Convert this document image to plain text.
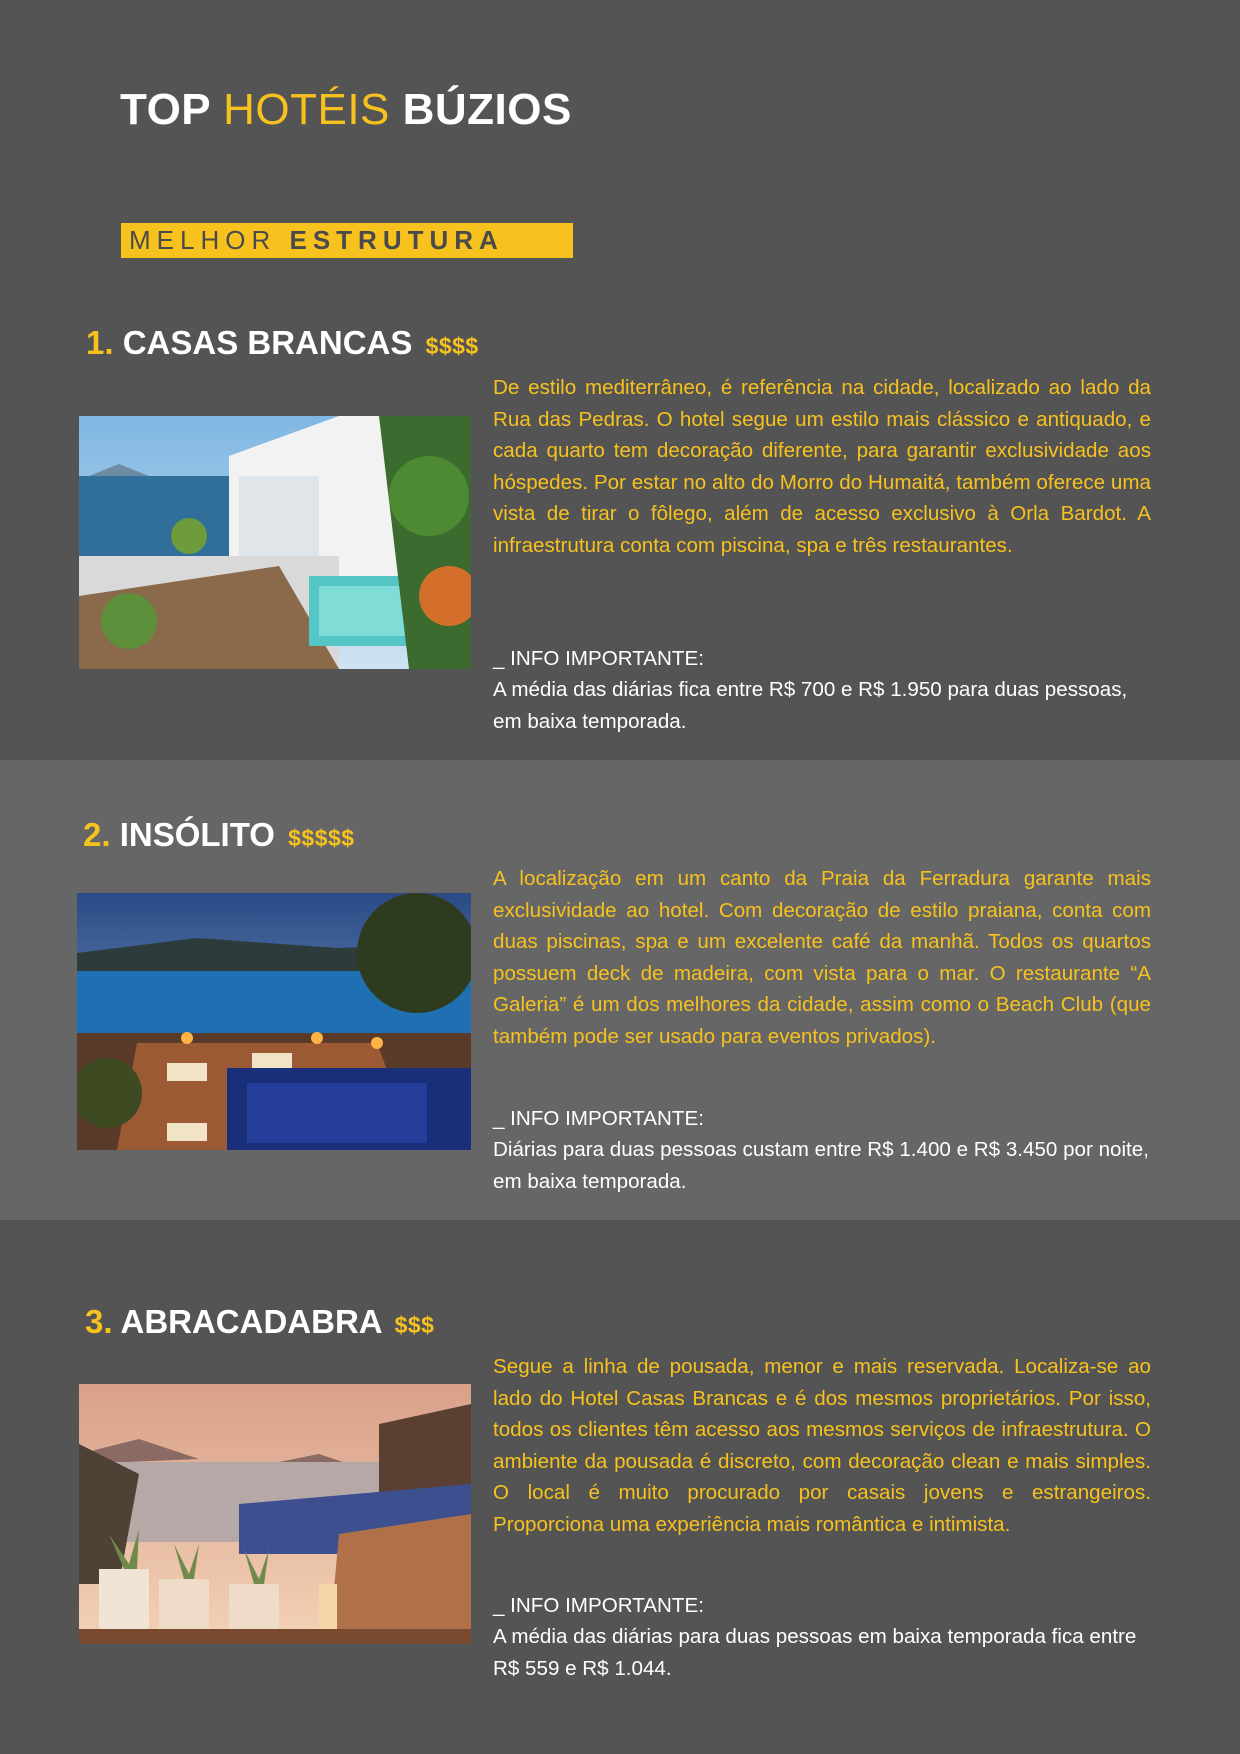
TOP HOTÉIS BÚZIOS
MELHOR ESTRUTURA
1. CASAS BRANCAS $$$$
De estilo mediterrâneo, é referência na cidade, localizado ao lado da Rua das Pedras. O hotel segue um estilo mais clássico e antiquado, e cada quarto tem decoração diferente, para garantir exclusividade aos hóspedes. Por estar no alto do Morro do Humaitá, também oferece uma vista de tirar o fôlego, além de acesso exclusivo à Orla Bardot. A infraestrutura conta com piscina, spa e três restaurantes.
_ INFO IMPORTANTE:
A média das diárias fica entre R$ 700 e R$ 1.950 para duas pessoas, em baixa temporada.
2. INSÓLITO $$$$$
A localização em um canto da Praia da Ferradura garante mais exclusividade ao hotel. Com decoração de estilo praiana, conta com duas piscinas, spa e um excelente café da manhã. Todos os quartos possuem deck de madeira, com vista para o mar. O restaurante “A Galeria” é um dos melhores da cidade, assim como o Beach Club (que também pode ser usado para eventos privados).
_ INFO IMPORTANTE:
Diárias para duas pessoas custam entre R$ 1.400 e R$ 3.450 por noite, em baixa temporada.
3. ABRACADABRA $$$
Segue a linha de pousada, menor e mais reservada. Localiza-se ao lado do Hotel Casas Brancas e é dos mesmos proprietários. Por isso, todos os clientes têm acesso aos mesmos serviços de infraestrutura. O ambiente da pousada é discreto, com decoração clean e mais simples. O local é muito procurado por casais jovens e estrangeiros. Proporciona uma experiência mais romântica e intimista.
_ INFO IMPORTANTE:
A média das diárias para duas pessoas em baixa temporada fica entre R$ 559 e R$ 1.044.
